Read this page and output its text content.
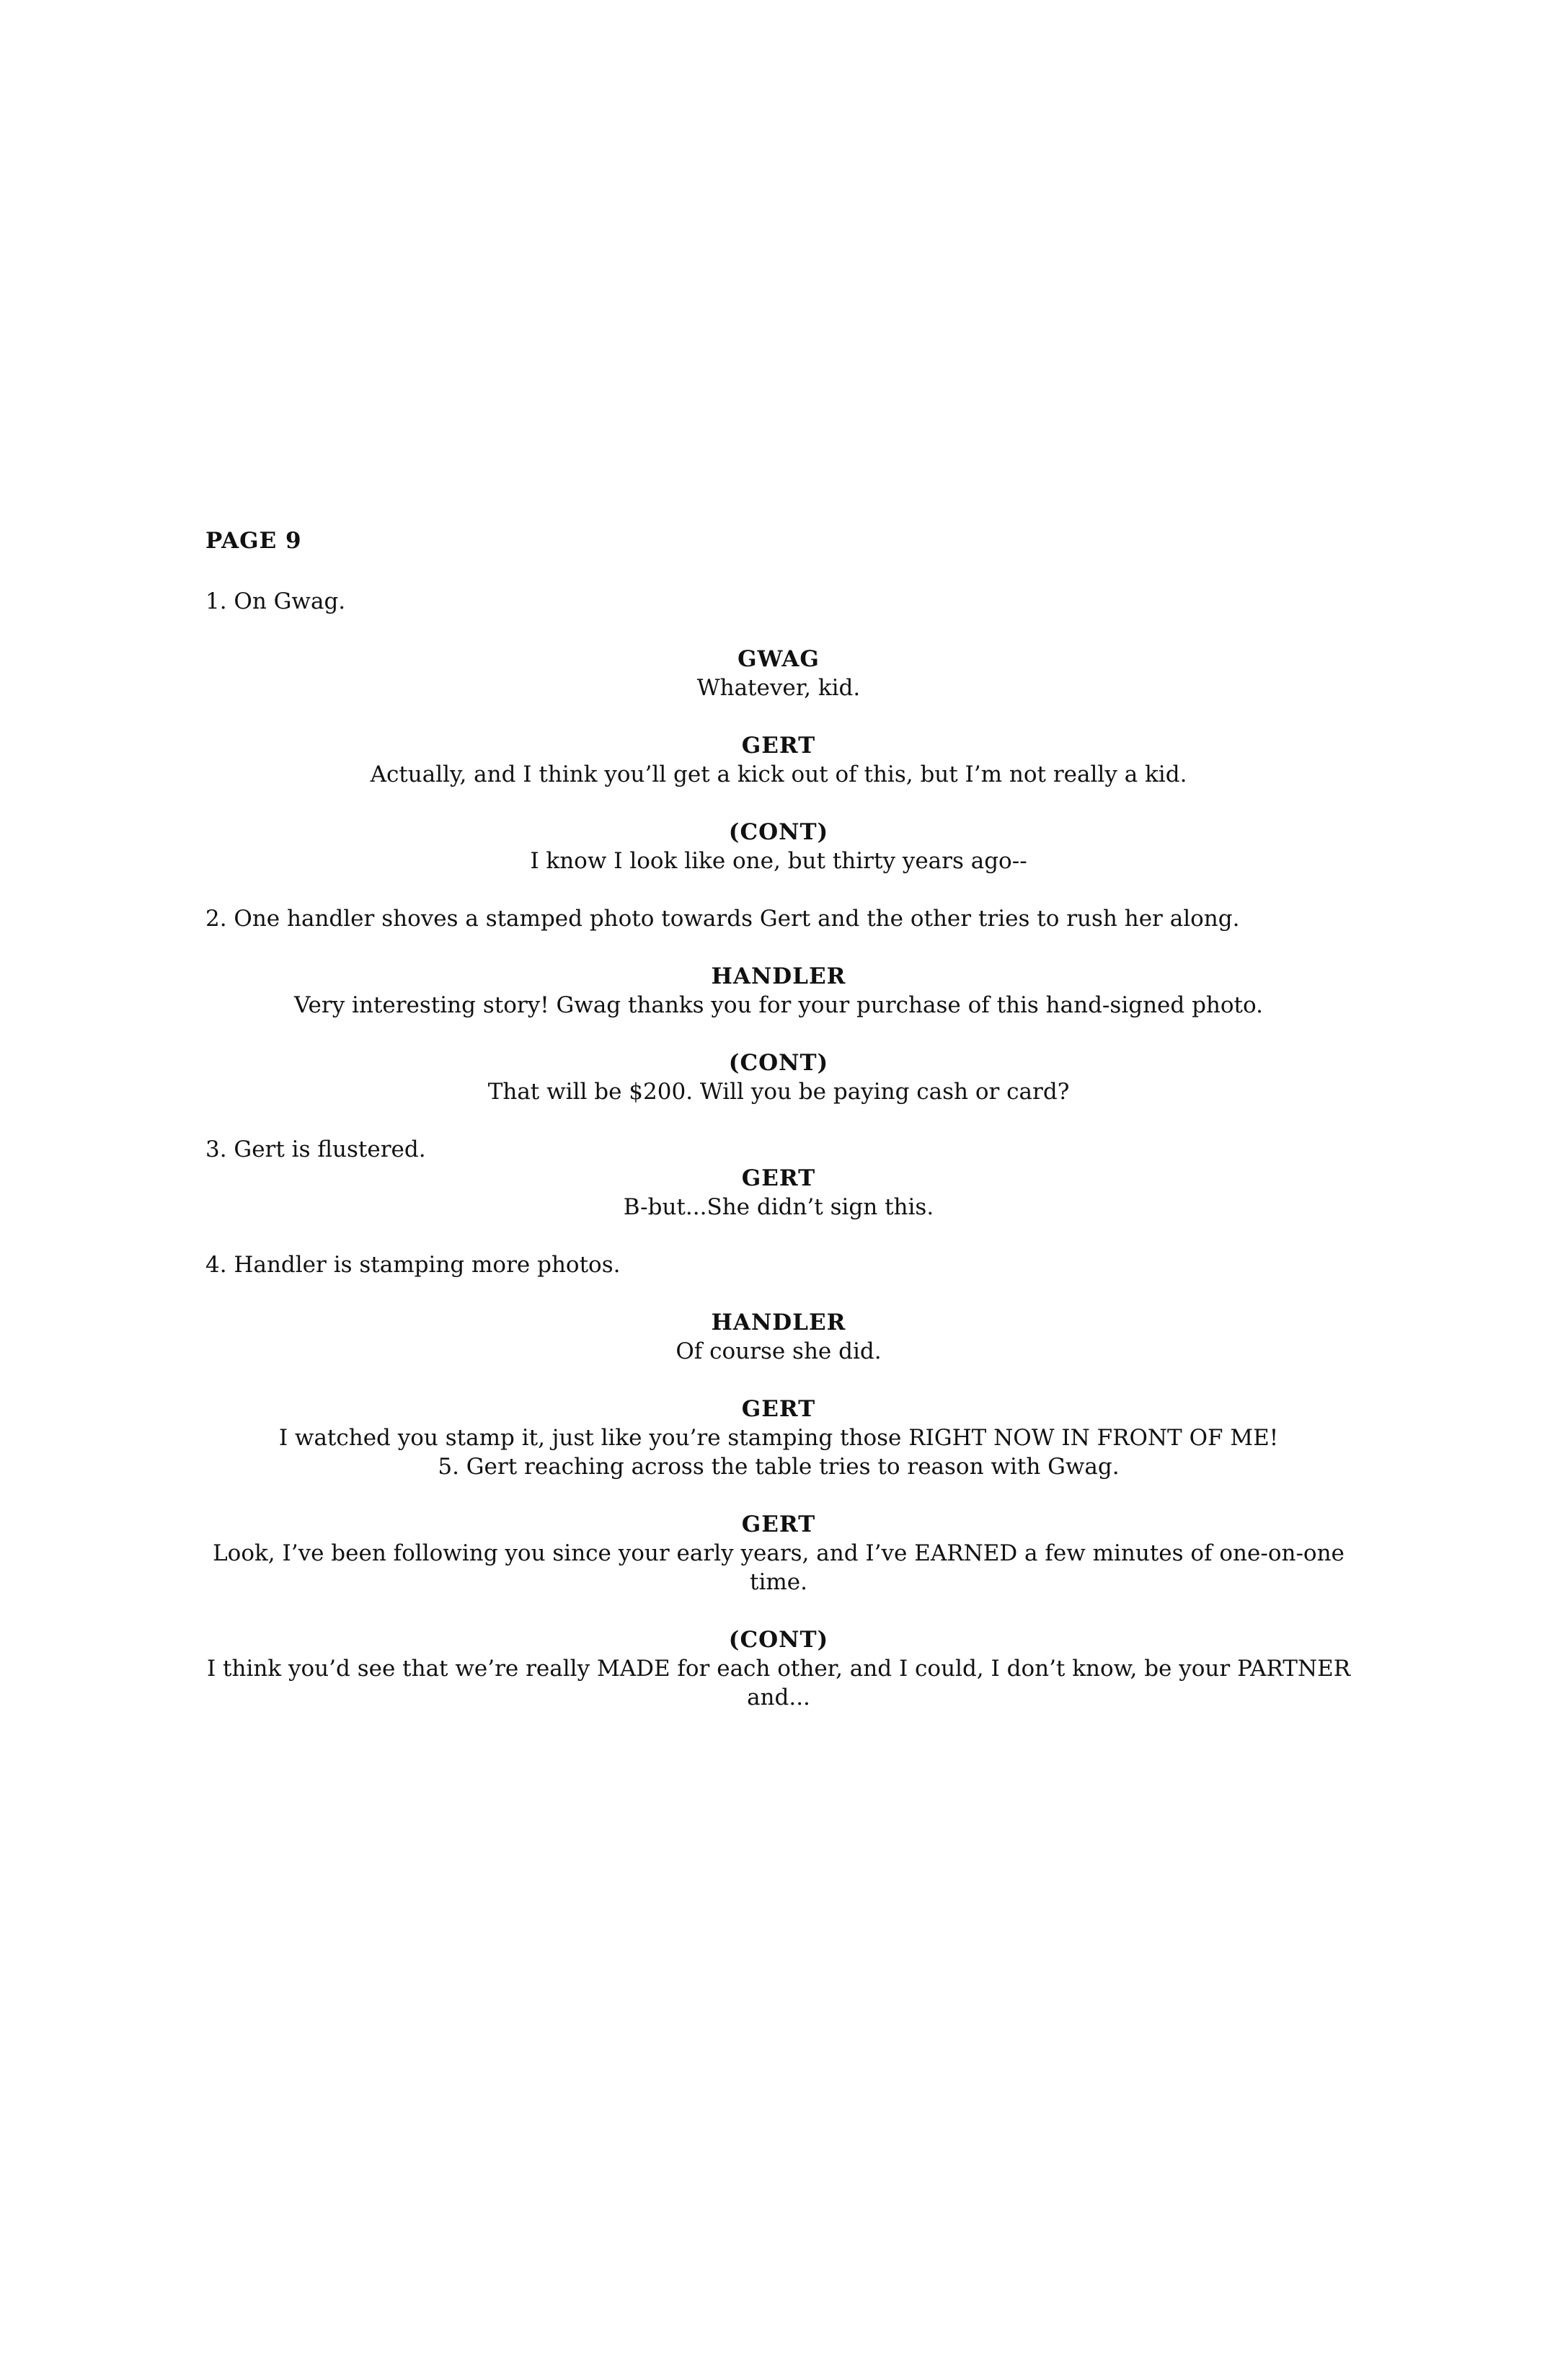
PAGE 9
1. On Gwag.
GWAG
Whatever, kid.
GERT
Actually, and I think you’ll get a kick out of this, but I’m not really a kid.
(CONT)
I know I look like one, but thirty years ago--
2. One handler shoves a stamped photo towards Gert and the other tries to rush her along.
HANDLER
Very interesting story! Gwag thanks you for your purchase of this hand-signed photo.
(CONT)
That will be $200. Will you be paying cash or card?
3. Gert is flustered.
GERT
B-but...She didn’t sign this.
4. Handler is stamping more photos.
HANDLER
Of course she did.
GERT
I watched you stamp it, just like you’re stamping those RIGHT NOW IN FRONT OF ME!
5. Gert reaching across the table tries to reason with Gwag.
GERT
Look, I’ve been following you since your early years, and I’ve EARNED a few minutes of one-on-one time.
(CONT)
I think you’d see that we’re really MADE for each other, and I could, I don’t know, be your PARTNER and...
